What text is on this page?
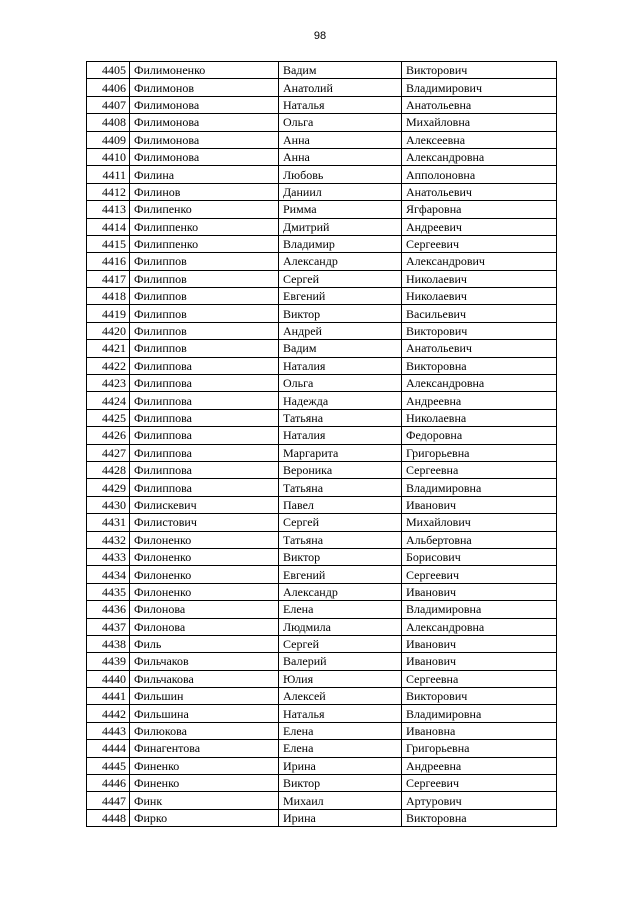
98
4405	Филимоненко	Вадим	Викторович
4406	Филимонов	Анатолий	Владимирович
4407	Филимонова	Наталья	Анатольевна
4408	Филимонова	Ольга	Михайловна
4409	Филимонова	Анна	Алексеевна
4410	Филимонова	Анна	Александровна
4411	Филина	Любовь	Апполоновна
4412	Филинов	Даниил	Анатольевич
4413	Филипенко	Римма	Ягфаровна
4414	Филиппенко	Дмитрий	Андреевич
4415	Филиппенко	Владимир	Сергеевич
4416	Филиппов	Александр	Александрович
4417	Филиппов	Сергей	Николаевич
4418	Филиппов	Евгений	Николаевич
4419	Филиппов	Виктор	Васильевич
4420	Филиппов	Андрей	Викторович
4421	Филиппов	Вадим	Анатольевич
4422	Филиппова	Наталия	Викторовна
4423	Филиппова	Ольга	Александровна
4424	Филиппова	Надежда	Андреевна
4425	Филиппова	Татьяна	Николаевна
4426	Филиппова	Наталия	Федоровна
4427	Филиппова	Маргарита	Григорьевна
4428	Филиппова	Вероника	Сергеевна
4429	Филиппова	Татьяна	Владимировна
4430	Филискевич	Павел	Иванович
4431	Филистович	Сергей	Михайлович
4432	Филоненко	Татьяна	Альбертовна
4433	Филоненко	Виктор	Борисович
4434	Филоненко	Евгений	Сергеевич
4435	Филоненко	Александр	Иванович
4436	Филонова	Елена	Владимировна
4437	Филонова	Людмила	Александровна
4438	Филь	Сергей	Иванович
4439	Фильчаков	Валерий	Иванович
4440	Фильчакова	Юлия	Сергеевна
4441	Фильшин	Алексей	Викторович
4442	Фильшина	Наталья	Владимировна
4443	Филюкова	Елена	Ивановна
4444	Финагентова	Елена	Григорьевна
4445	Финенко	Ирина	Андреевна
4446	Финенко	Виктор	Сергеевич
4447	Финк	Михаил	Артурович
4448	Фирко	Ирина	Викторовна
